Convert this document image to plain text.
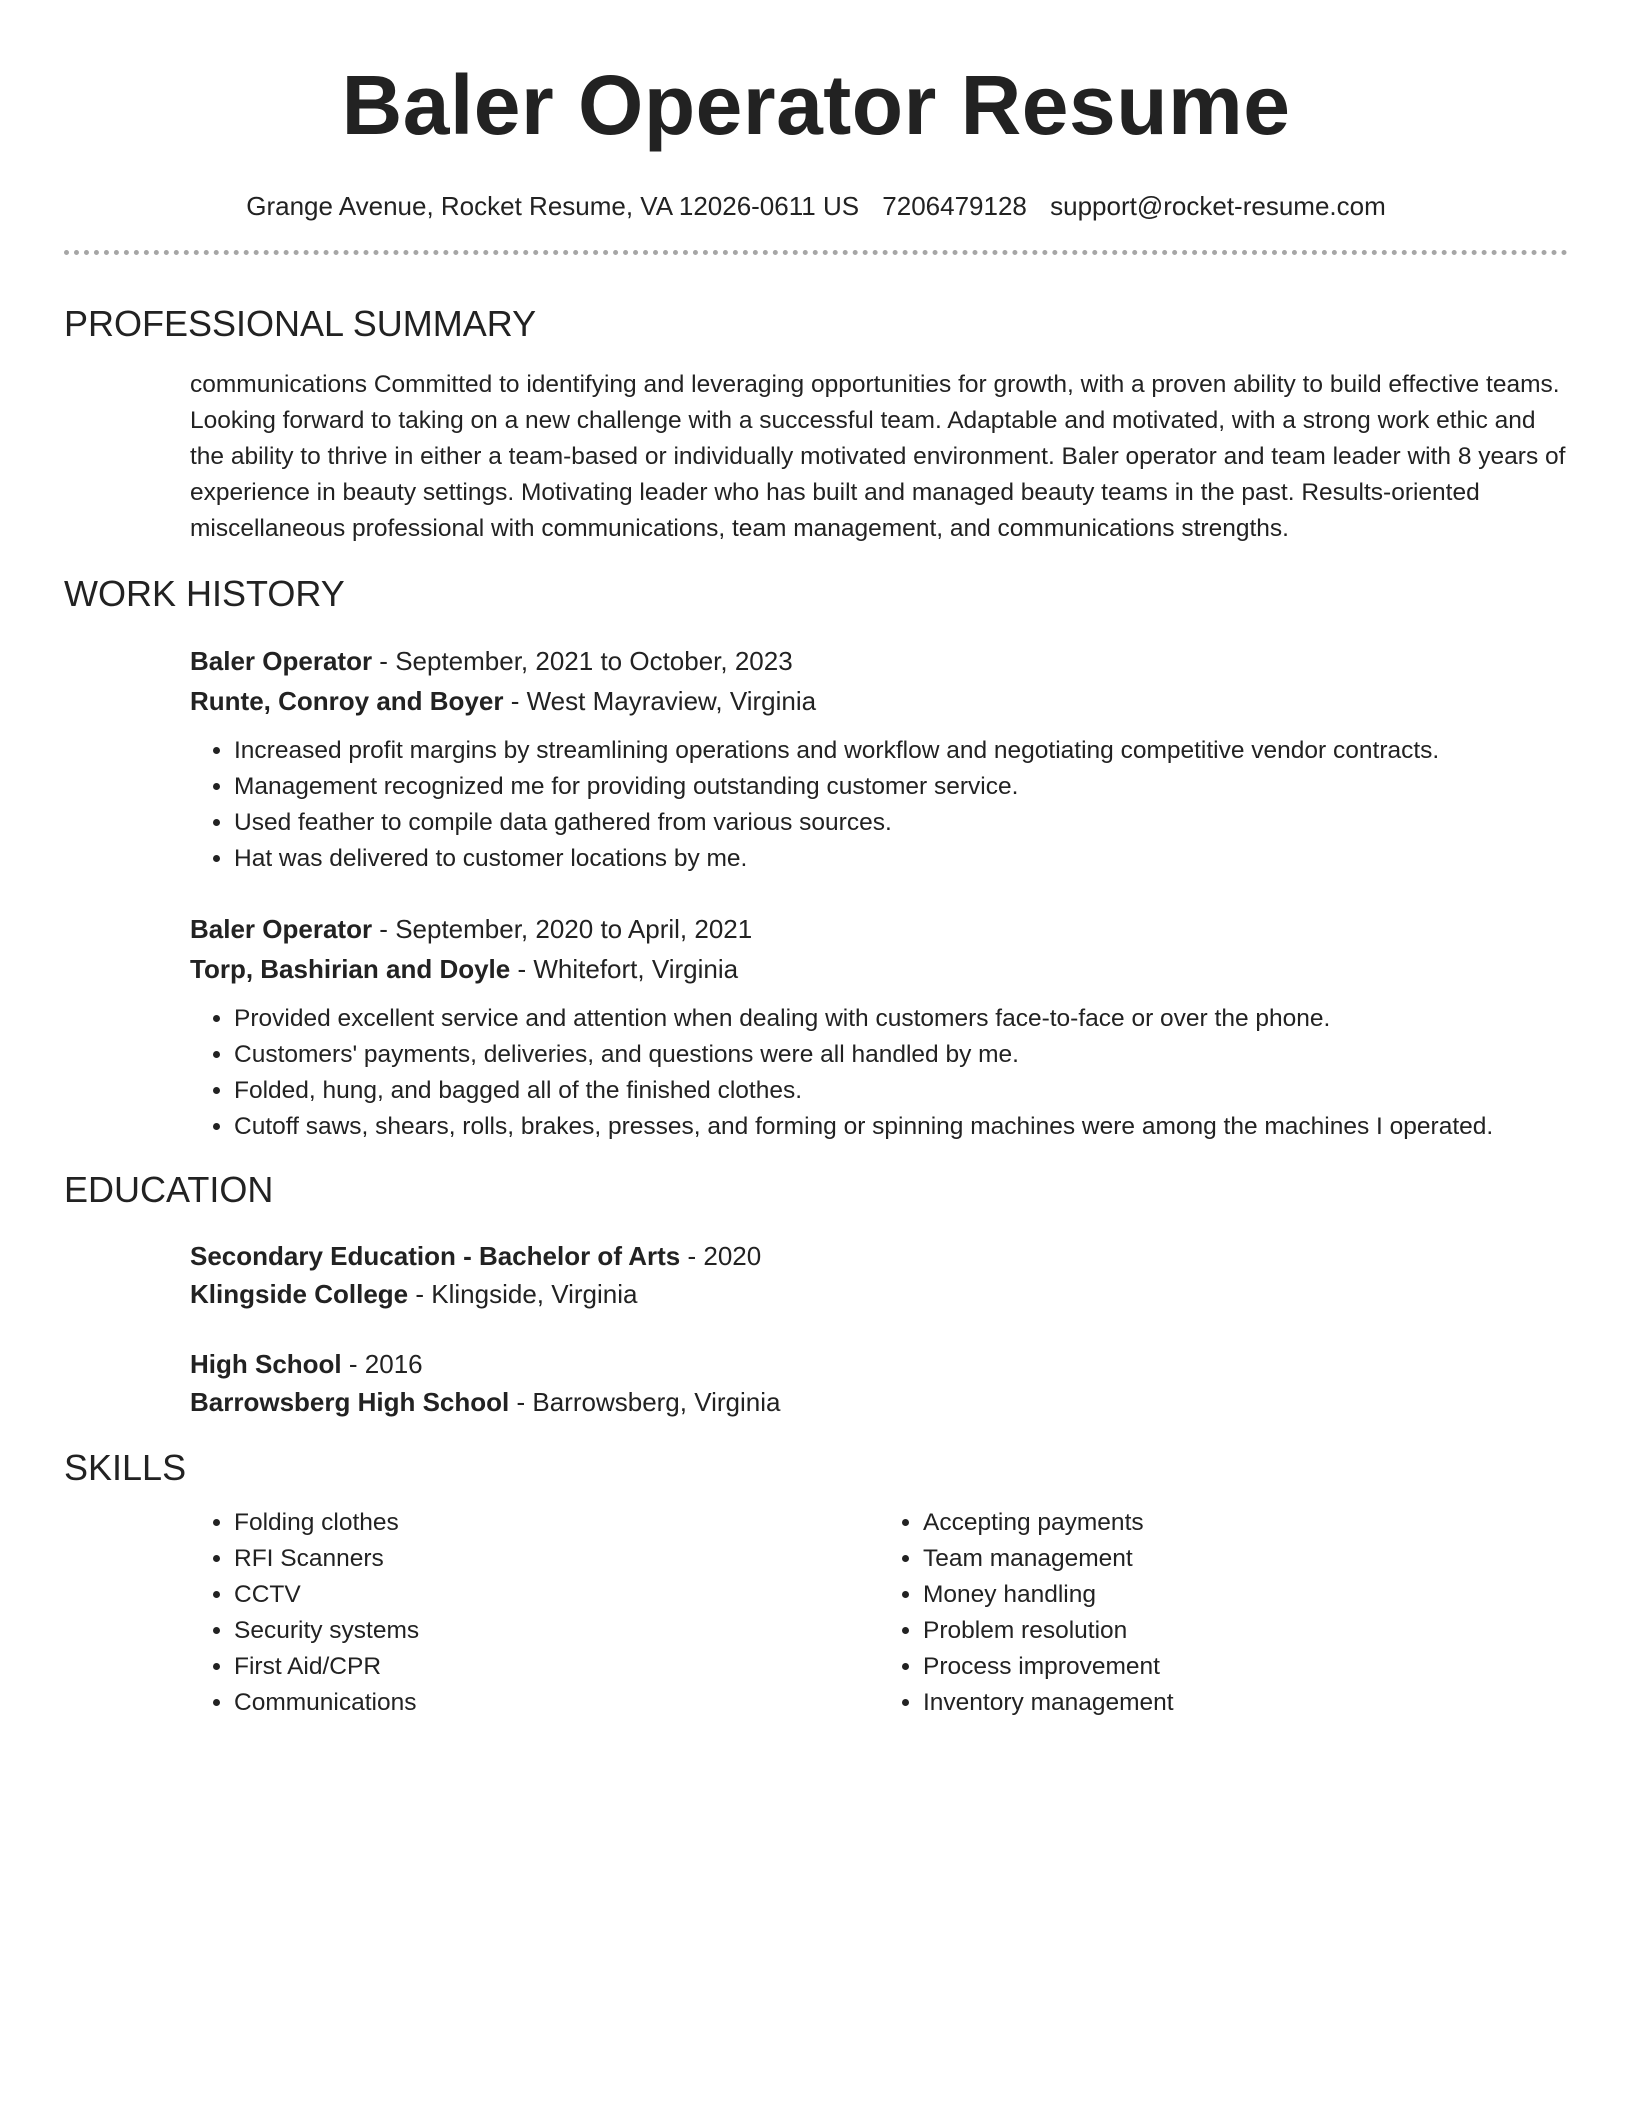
Baler Operator Resume
Grange Avenue, Rocket Resume, VA 12026-0611 US 7206479128 support@rocket-resume.com
PROFESSIONAL SUMMARY

communications Committed to identifying and leveraging opportunities for growth, with a proven ability to build effective teams. Looking forward to taking on a new challenge with a successful team. Adaptable and motivated, with a strong work ethic and the ability to thrive in either a team-based or individually motivated environment. Baler operator and team leader with 8 years of experience in beauty settings. Motivating leader who has built and managed beauty teams in the past. Results-oriented miscellaneous professional with communications, team management, and communications strengths.

WORK HISTORY
Baler Operator - September, 2021 to October, 2023
Runte, Conroy and Boyer - West Mayraview, Virginia
• Increased profit margins by streamlining operations and workflow and negotiating competitive vendor contracts.
• Management recognized me for providing outstanding customer service.
• Used feather to compile data gathered from various sources.
• Hat was delivered to customer locations by me.
Baler Operator - September, 2020 to April, 2021
Torp, Bashirian and Doyle - Whitefort, Virginia
• Provided excellent service and attention when dealing with customers face-to-face or over the phone.
• Customers' payments, deliveries, and questions were all handled by me.
• Folded, hung, and bagged all of the finished clothes.
• Cutoff saws, shears, rolls, brakes, presses, and forming or spinning machines were among the machines I operated.
EDUCATION
Secondary Education - Bachelor of Arts - 2020
Klingside College - Klingside, Virginia
High School - 2016
Barrowsberg High School - Barrowsberg, Virginia
SKILLS
• Folding clothes
• RFI Scanners
• CCTV
• Security systems
• First Aid/CPR
• Communications
• Accepting payments
• Team management
• Money handling
• Problem resolution
• Process improvement
• Inventory management
